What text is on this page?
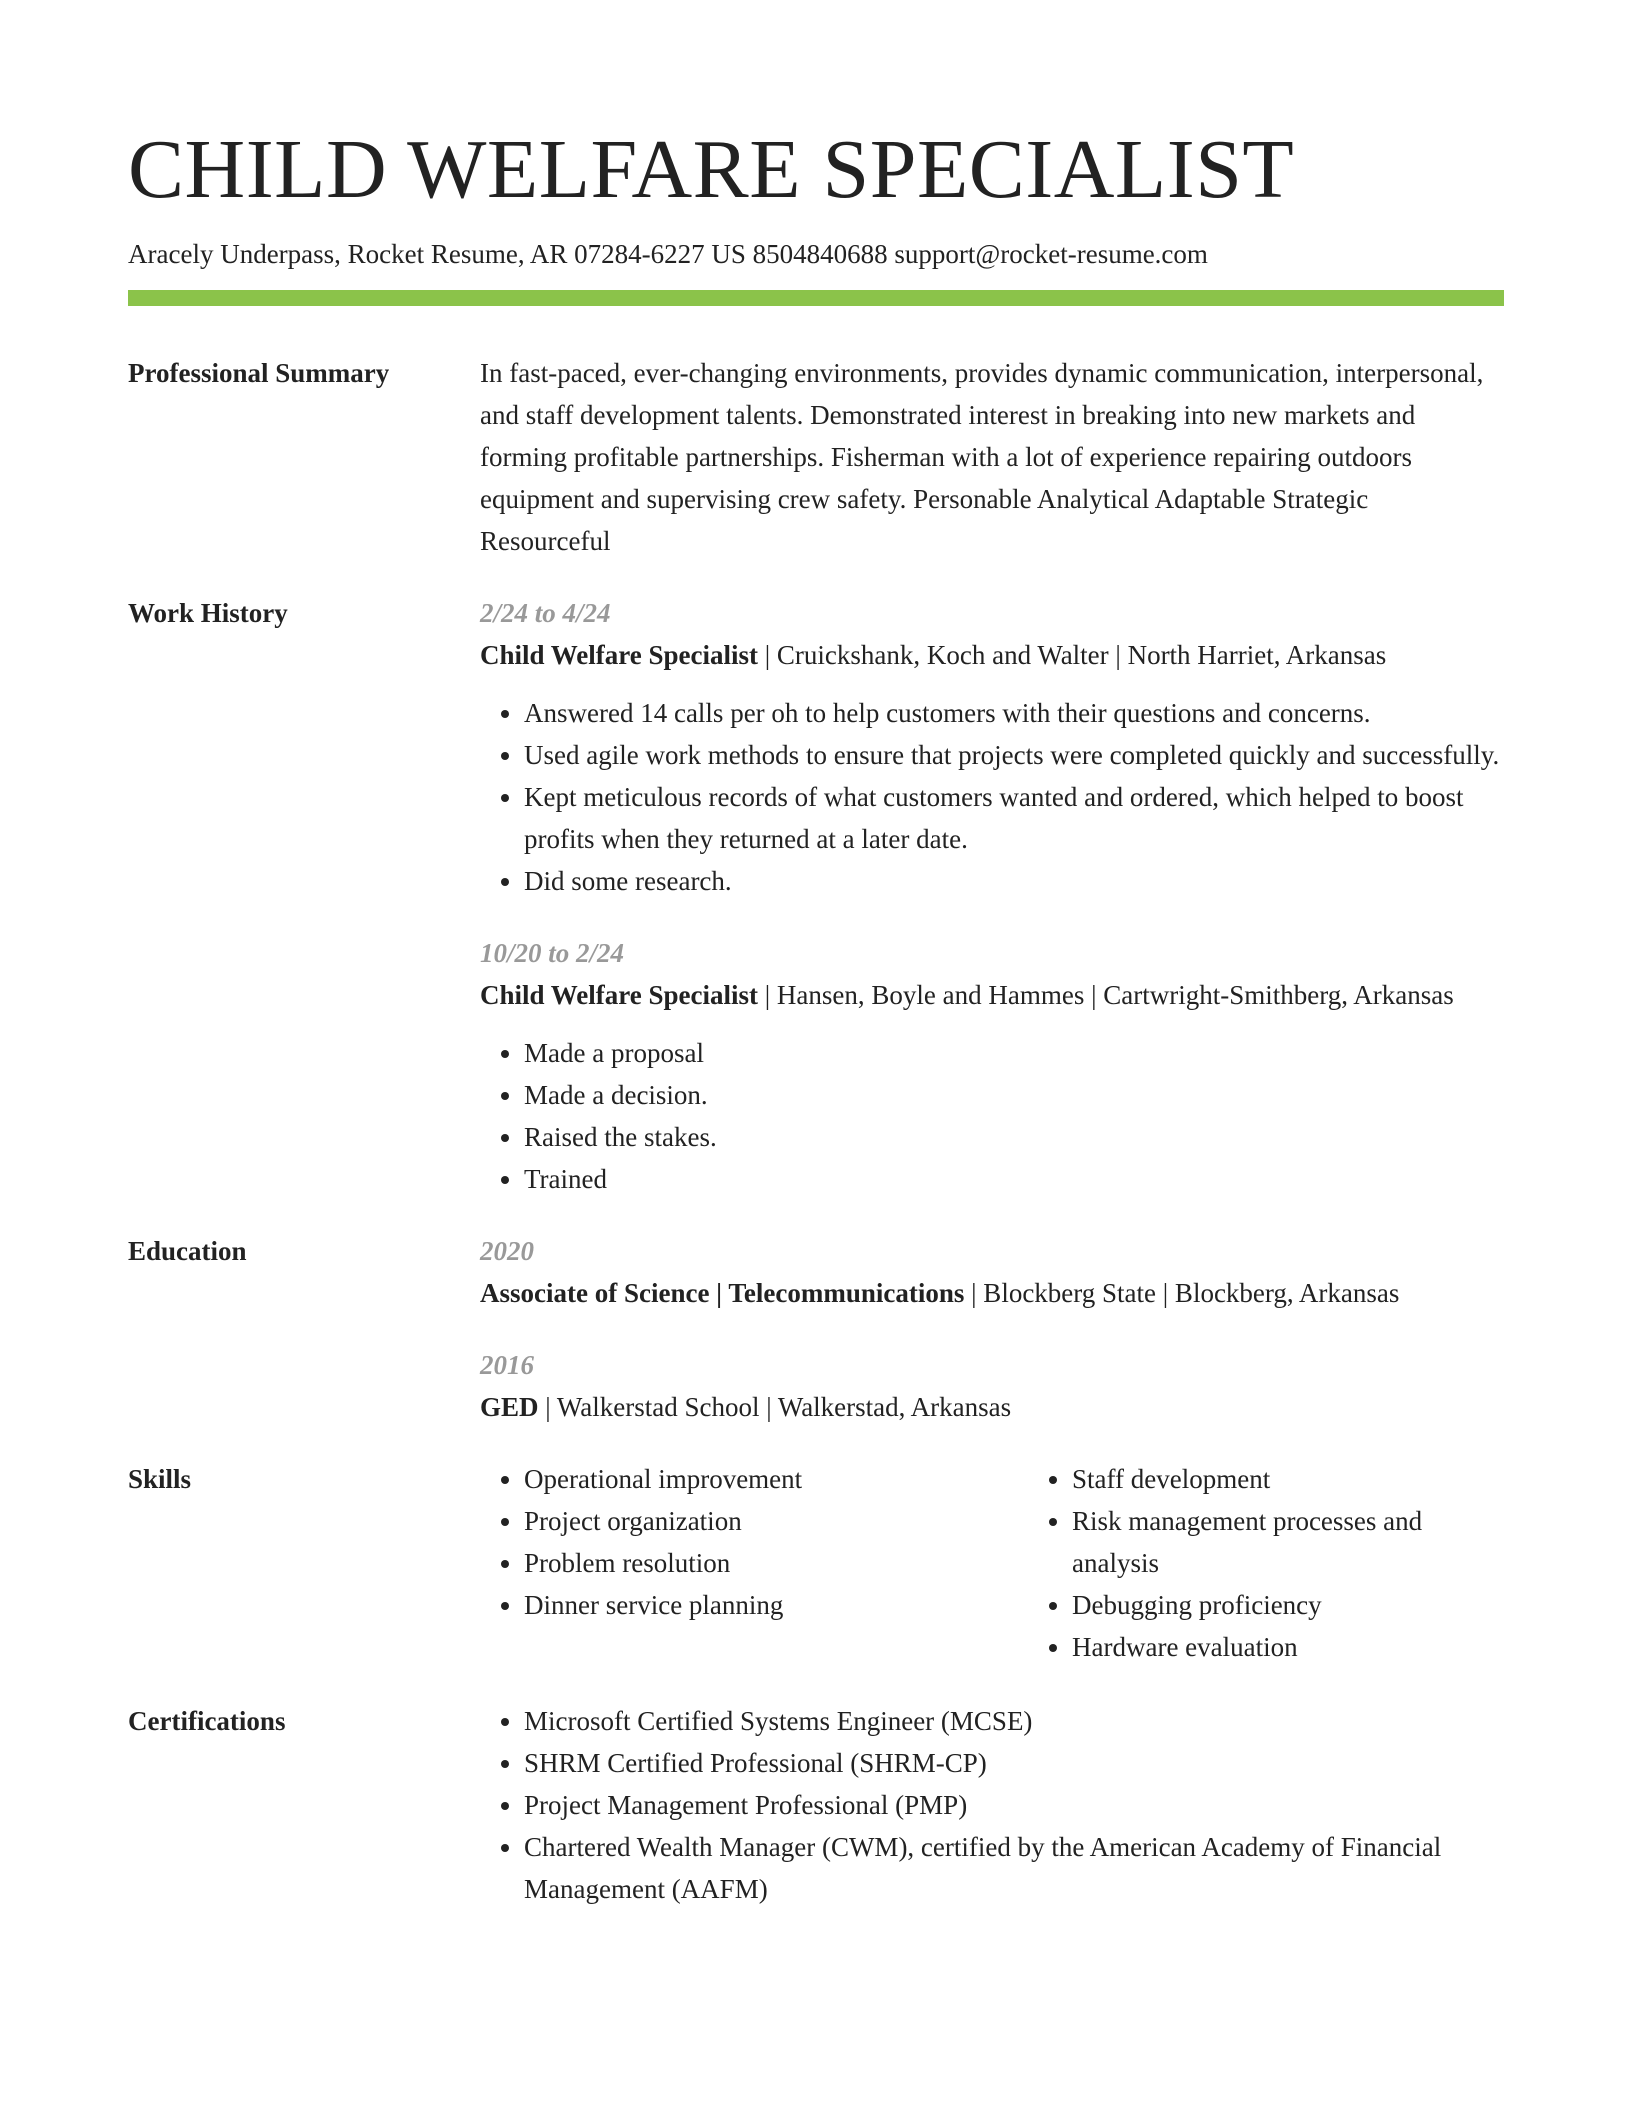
CHILD WELFARE SPECIALIST
Aracely Underpass, Rocket Resume, AR 07284-6227 US 8504840688 support@rocket-resume.com
Professional Summary	In fast-paced, ever-changing environments, provides dynamic communication, interpersonal, and staff development talents. Demonstrated interest in breaking into new markets and forming profitable partnerships. Fisherman with a lot of experience repairing outdoors equipment and supervising crew safety. Personable Analytical Adaptable Strategic Resourceful

Work History	2/24 to 4/24
Child Welfare Specialist | Cruickshank, Koch and Walter | North Harriet, Arkansas
• Answered 14 calls per oh to help customers with their questions and concerns.
• Used agile work methods to ensure that projects were completed quickly and successfully.
• Kept meticulous records of what customers wanted and ordered, which helped to boost profits when they returned at a later date.
• Did some research.
10/20 to 2/24
Child Welfare Specialist | Hansen, Boyle and Hammes | Cartwright-Smithberg, Arkansas
• Made a proposal
• Made a decision.
• Raised the stakes.
• Trained
Education	2020
Associate of Science | Telecommunications | Blockberg State | Blockberg, Arkansas
2016
GED | Walkerstad School | Walkerstad, Arkansas
Skills	• Operational improvement
• Project organization
• Problem resolution
• Dinner service planning
• Staff development
• Risk management processes and analysis
• Debugging proficiency
• Hardware evaluation
Certifications	• Microsoft Certified Systems Engineer (MCSE)
• SHRM Certified Professional (SHRM-CP)
• Project Management Professional (PMP)
• Chartered Wealth Manager (CWM), certified by the American Academy of Financial Management (AAFM)
